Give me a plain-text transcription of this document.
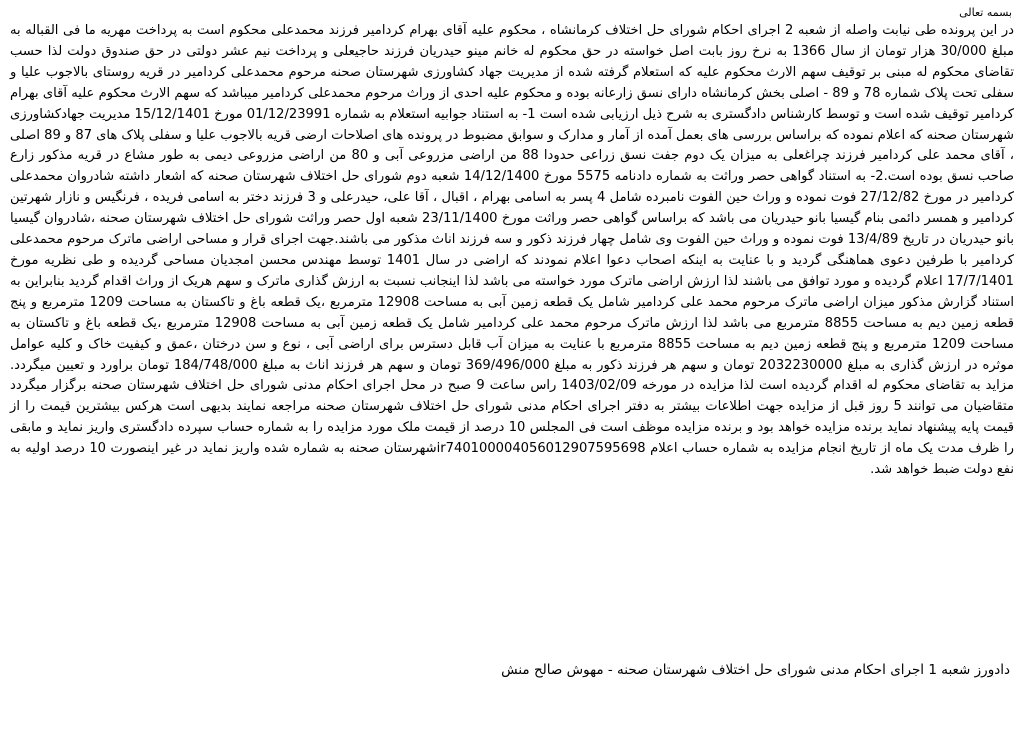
بسمه تعالی

در این پرونده طی نیابت واصله از شعبه 2 اجرای احکام شورای حل اختلاف کرمانشاه ، محکوم علیه آقای بهرام کردامیر فرزند محمدعلی محکوم است به پرداخت مهریه ما فی القباله به مبلغ 30/000 هزار تومان از سال 1366 به نرخ روز بابت اصل خواسته در حق محکوم له خانم مینو حیدریان فرزند حاجیعلی و پرداخت نیم عشر دولتی در حق صندوق دولت لذا حسب تقاضای محکوم له مبنی بر توقیف سهم الارث محکوم علیه که استعلام گرفته شده از مدیریت جهاد کشاورزی شهرستان صحنه مرحوم محمدعلی کردامیر در قریه روستای بالاجوب علیا و سفلی تحت پلاک شماره 78 و 89 - اصلی بخش کرمانشاه دارای نسق زارعانه بوده و محکوم علیه احدی از وراث مرحوم محمدعلی کردامیر میباشد که سهم الارث محکوم علیه آقای بهرام کردامیر توقیف شده است و توسط کارشناس دادگستری به شرح ذیل ارزیابی شده است 1- به استناد جوابیه استعلام به شماره 01/12/23991 مورخ 15/12/1401 مدیریت جهادکشاورزی شهرستان صحنه که اعلام نموده که براساس بررسی های بعمل آمده از آمار و مدارک و سوابق مضبوط در پرونده های اصلاحات ارضی قریه بالاجوب علیا و سفلی پلاک های 87 و 89 اصلی ، آقای محمد علی کردامیر فرزند چراغعلی به میزان یک دوم جفت نسق زراعی حدودا 88 من اراضی مزروعی آبی و 80 من اراضی مزروعی دیمی به طور مشاع در قریه مذکور زارع صاحب نسق بوده است.2- به استناد گواهی حصر وراثت به شماره دادنامه 5575 مورخ 14/12/1400 شعبه دوم شورای حل اختلاف شهرستان صحنه که اشعار داشته شادروان محمدعلی کردامیر در مورخ 27/12/82 فوت نموده و وراث حین الفوت نامبرده شامل 4 پسر به اسامی بهرام ، اقبال ، آقا علی، حیدرعلی و 3 فرزند دختر به اسامی فریده ، فرنگیس و نازار شهرتین کردامیر و همسر دائمی بنام گیسیا بانو حیدریان می باشد که براساس گواهی حصر وراثت مورخ 23/11/1400 شعبه اول حصر وراثت شورای حل اختلاف شهرستان صحنه ،شادروان گیسیا بانو حیدریان در تاریخ 13/4/89 فوت نموده و وراث حین الفوت وی شامل چهار فرزند ذکور و سه فرزند اناث مذکور می باشند.جهت اجرای قرار و مساحی اراضی ماترک مرحوم محمدعلی کردامیر با طرفین دعوی هماهنگی گردید و با عنایت به اینکه اصحاب دعوا اعلام نمودند که اراضی در سال 1401 توسط مهندس محسن امجدیان مساحی گردیده و طی نظریه مورخ 17/7/1401 اعلام گردیده و مورد توافق می باشند لذا ارزش اراضی ماترک مورد خواسته می باشد لذا اینجانب نسبت به ارزش گذاری ماترک و سهم هریک از وراث اقدام گردید بنابراین به استناد گزارش مذکور میزان اراضی ماترک مرحوم محمد علی کردامیر شامل یک قطعه زمین آبی به مساحت 12908 مترمربع ،یک قطعه باغ و تاکستان به مساحت 1209 مترمربع و پنج قطعه زمین دیم به مساحت 8855 مترمربع می باشد لذا ارزش ماترک مرحوم محمد علی کردامیر شامل یک قطعه زمین آبی به مساحت 12908 مترمربع ،یک قطعه باغ و تاکستان به مساحت 1209 مترمربع و پنج قطعه زمین دیم به مساحت 8855 مترمربع با عنایت به میزان آب قابل دسترس برای اراضی آبی ، نوع و سن درختان ،عمق و کیفیت خاک و کلیه عوامل موثره در ارزش گذاری به مبلغ 2032230000 تومان و سهم هر فرزند ذکور به مبلغ 369/496/000 تومان و سهم هر فرزند اناث به مبلغ 184/748/000 تومان براورد و تعیین میگردد. مزاید به تقاضای محکوم له اقدام گردیده است لذا مزایده در مورخه 1403/02/09 راس ساعت 9 صبح در محل اجرای احکام مدنی شورای حل اختلاف شهرستان صحنه برگزار میگردد متقاضیان می توانند 5 روز قبل از مزایده جهت اطلاعات بیشتر به دفتر اجرای احکام مدنی شورای حل اختلاف شهرستان صحنه مراجعه نمایند بدیهی است هرکس بیشترین قیمت را از قیمت پایه پیشنهاد نماید برنده مزایده خواهد بود و برنده مزایده موظف است فی المجلس 10 درصد از قیمت ملک مورد مزایده را به شماره حساب سپرده دادگستری واریز نماید و مابقی را ظرف مدت یک ماه از تاریخ انجام مزایده به شماره حساب اعلام ir740100004056012907595698شهرستان صحنه به شماره شده واریز نماید در غیر اینصورت 10 درصد اولیه به نفع دولت ضبط خواهد شد.

دادورز شعبه 1 اجرای احکام مدنی شورای حل اختلاف شهرستان صحنه - مهوش صالح منش
